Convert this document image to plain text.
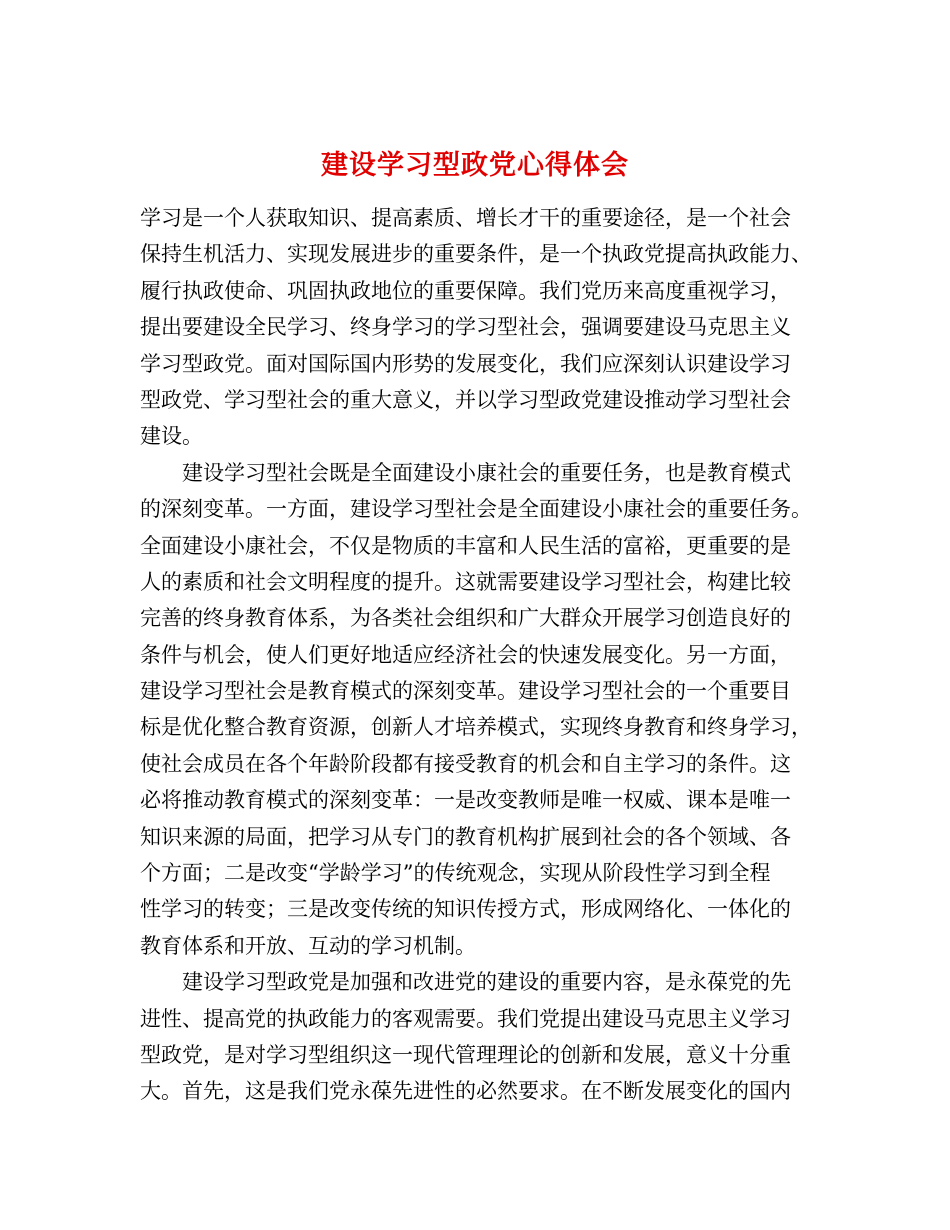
建设学习型政党心得体会
学习是一个人获取知识、提高素质、增长才干的重要途径，是一个社会
保持生机活力、实现发展进步的重要条件，是一个执政党提高执政能力、
履行执政使命、巩固执政地位的重要保障。我们党历来高度重视学习，
提出要建设全民学习、终身学习的学习型社会，强调要建设马克思主义
学习型政党。面对国际国内形势的发展变化，我们应深刻认识建设学习
型政党、学习型社会的重大意义，并以学习型政党建设推动学习型社会
建设。
　　建设学习型社会既是全面建设小康社会的重要任务，也是教育模式
的深刻变革。一方面，建设学习型社会是全面建设小康社会的重要任务。
全面建设小康社会，不仅是物质的丰富和人民生活的富裕，更重要的是
人的素质和社会文明程度的提升。这就需要建设学习型社会，构建比较
完善的终身教育体系，为各类社会组织和广大群众开展学习创造良好的
条件与机会，使人们更好地适应经济社会的快速发展变化。另一方面，
建设学习型社会是教育模式的深刻变革。建设学习型社会的一个重要目
标是优化整合教育资源，创新人才培养模式，实现终身教育和终身学习，
使社会成员在各个年龄阶段都有接受教育的机会和自主学习的条件。这
必将推动教育模式的深刻变革：一是改变教师是唯一权威、课本是唯一
知识来源的局面，把学习从专门的教育机构扩展到社会的各个领域、各
个方面；二是改变“学龄学习”的传统观念，实现从阶段性学习到全程
性学习的转变；三是改变传统的知识传授方式，形成网络化、一体化的
教育体系和开放、互动的学习机制。
　　建设学习型政党是加强和改进党的建设的重要内容，是永葆党的先
进性、提高党的执政能力的客观需要。我们党提出建设马克思主义学习
型政党，是对学习型组织这一现代管理理论的创新和发展，意义十分重
大。首先，这是我们党永葆先进性的必然要求。在不断发展变化的国内
